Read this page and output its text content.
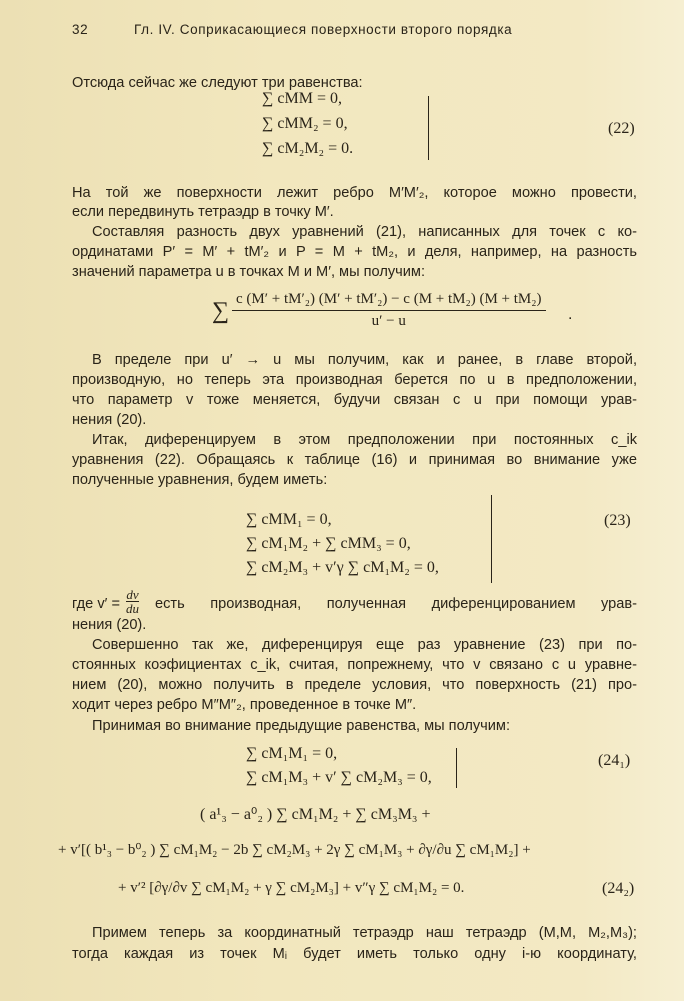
32	Гл. IV. Соприкасающиеся поверхности второго порядка
Отсюда сейчас же следуют три равенства:
∑ cMM = 0,
∑ cMM₂ = 0,
∑ cM₂M₂ = 0.
(22)
На той же поверхности лежит ребро M′M′₂, которое можно провести,
если передвинуть тетраэдр в точку M′.
Составляя разность двух уравнений (21), написанных для точек с ко-
ординатами P′ = M′ + tM′₂ и P = M + tM₂, и деля, например, на разность
значений параметра u в точках M и M′, мы получим:
∑ $\frac{\text{c (M′ + tM′₂) (M′ + tM′₂) − c (M + tM₂) (M + tM₂)}}{u' - u}$ .
В пределе при u′ → u мы получим, как и ранее, в главе второй,
производную, но теперь эта производная берется по u в предположении,
что параметр v тоже меняется, будучи связан с u при помощи урав-
нения (20).
Итак, диференцируем в этом предположении при постоянных c_ik
уравнения (22). Обращаясь к таблице (16) и принимая во внимание уже
полученные уравнения, будем иметь:
∑ cMM₁ = 0,
∑ cM₁M₂ + ∑ cMM₃ = 0,
∑ cM₂M₃ + v′γ ∑ cM₁M₂ = 0,
(23)
где $v' = \frac{dv}{du}$ есть производная, полученная диференцированием урав-
нения (20).
Совершенно так же, диференцируя еще раз уравнение (23) при по-
стоянных коэфициентах c_ik, считая, попрежнему, что v связано с u уравне-
нием (20), можно получить в пределе условия, что поверхность (21) про-
ходит через ребро M″M″₂, проведенное в точке M″.
Принимая во внимание предыдущие равенства, мы получим:
∑ cM₁M₁ = 0,
∑ cM₁M₃ + v′ ∑ cM₂M₃ = 0,
(24₁)
( a¹₃ − a⁰₂ ) ∑ cM₁M₂ + ∑ cM₃M₃ +
+ v′[( b¹₃ − b⁰₂ ) ∑ cM₁M₂ − 2b ∑ cM₂M₃ + 2γ ∑ cM₁M₃ + ∂γ/∂u ∑ cM₁M₂] +
+ v′² [∂γ/∂v ∑ cM₁M₂ + γ ∑ cM₂M₃] + v″γ ∑ cM₁M₂ = 0.	(24₂)
Примем теперь за координатный тетраэдр наш тетраэдр (M,M, M₂,M₃);
тогда каждая из точек Mᵢ будет иметь только одну i-ю координату,
